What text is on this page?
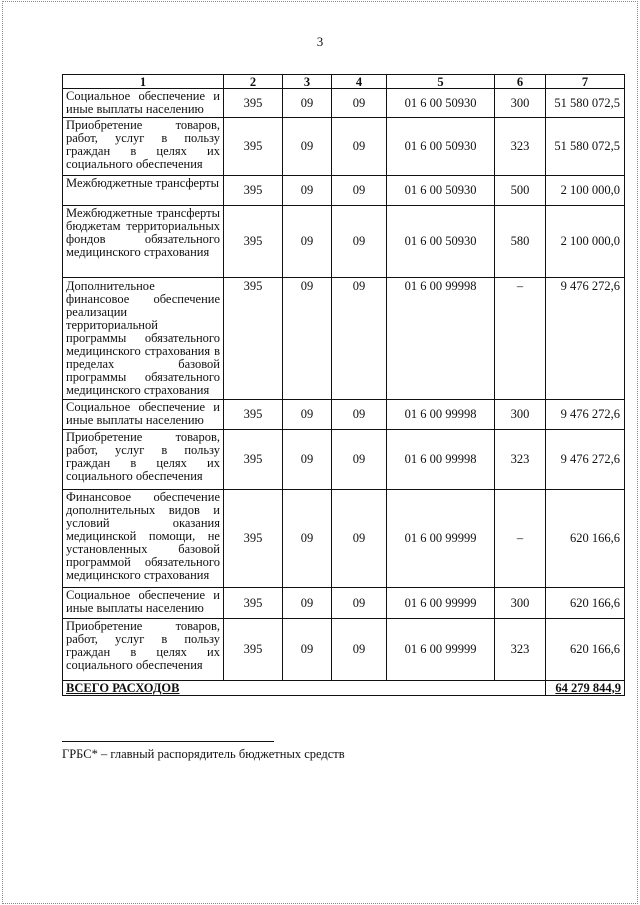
3
1	2	3	4	5	6	7
Социальное обеспечение и иные выплаты населению	395	09	09	01 6 00 50930	300	51 580 072,5
Приобретение товаров, работ, услуг в пользу граждан в целях их социального обеспечения	395	09	09	01 6 00 50930	323	51 580 072,5
Межбюджетные трансферты	395	09	09	01 6 00 50930	500	2 100 000,0
Межбюджетные трансферты бюджетам территориальных фондов обязательного медицинского страхования	395	09	09	01 6 00 50930	580	2 100 000,0
Дополнительное финансовое обеспечение реализации территориальной программы обязательного медицинского страхования в пределах базовой программы обязательного медицинского страхования	395	09	09	01 6 00 99998	–	9 476 272,6
Социальное обеспечение и иные выплаты населению	395	09	09	01 6 00 99998	300	9 476 272,6
Приобретение товаров, работ, услуг в пользу граждан в целях их социального обеспечения	395	09	09	01 6 00 99998	323	9 476 272,6
Финансовое обеспечение дополнительных видов и условий оказания медицинской помощи, не установленных базовой программой обязательного медицинского страхования	395	09	09	01 6 00 99999	–	620 166,6
Социальное обеспечение и иные выплаты населению	395	09	09	01 6 00 99999	300	620 166,6
Приобретение товаров, работ, услуг в пользу граждан в целях их социального обеспечения	395	09	09	01 6 00 99999	323	620 166,6
ВСЕГО РАСХОДОВ						64 279 844,9
ГРБС* – главный распорядитель бюджетных средств
